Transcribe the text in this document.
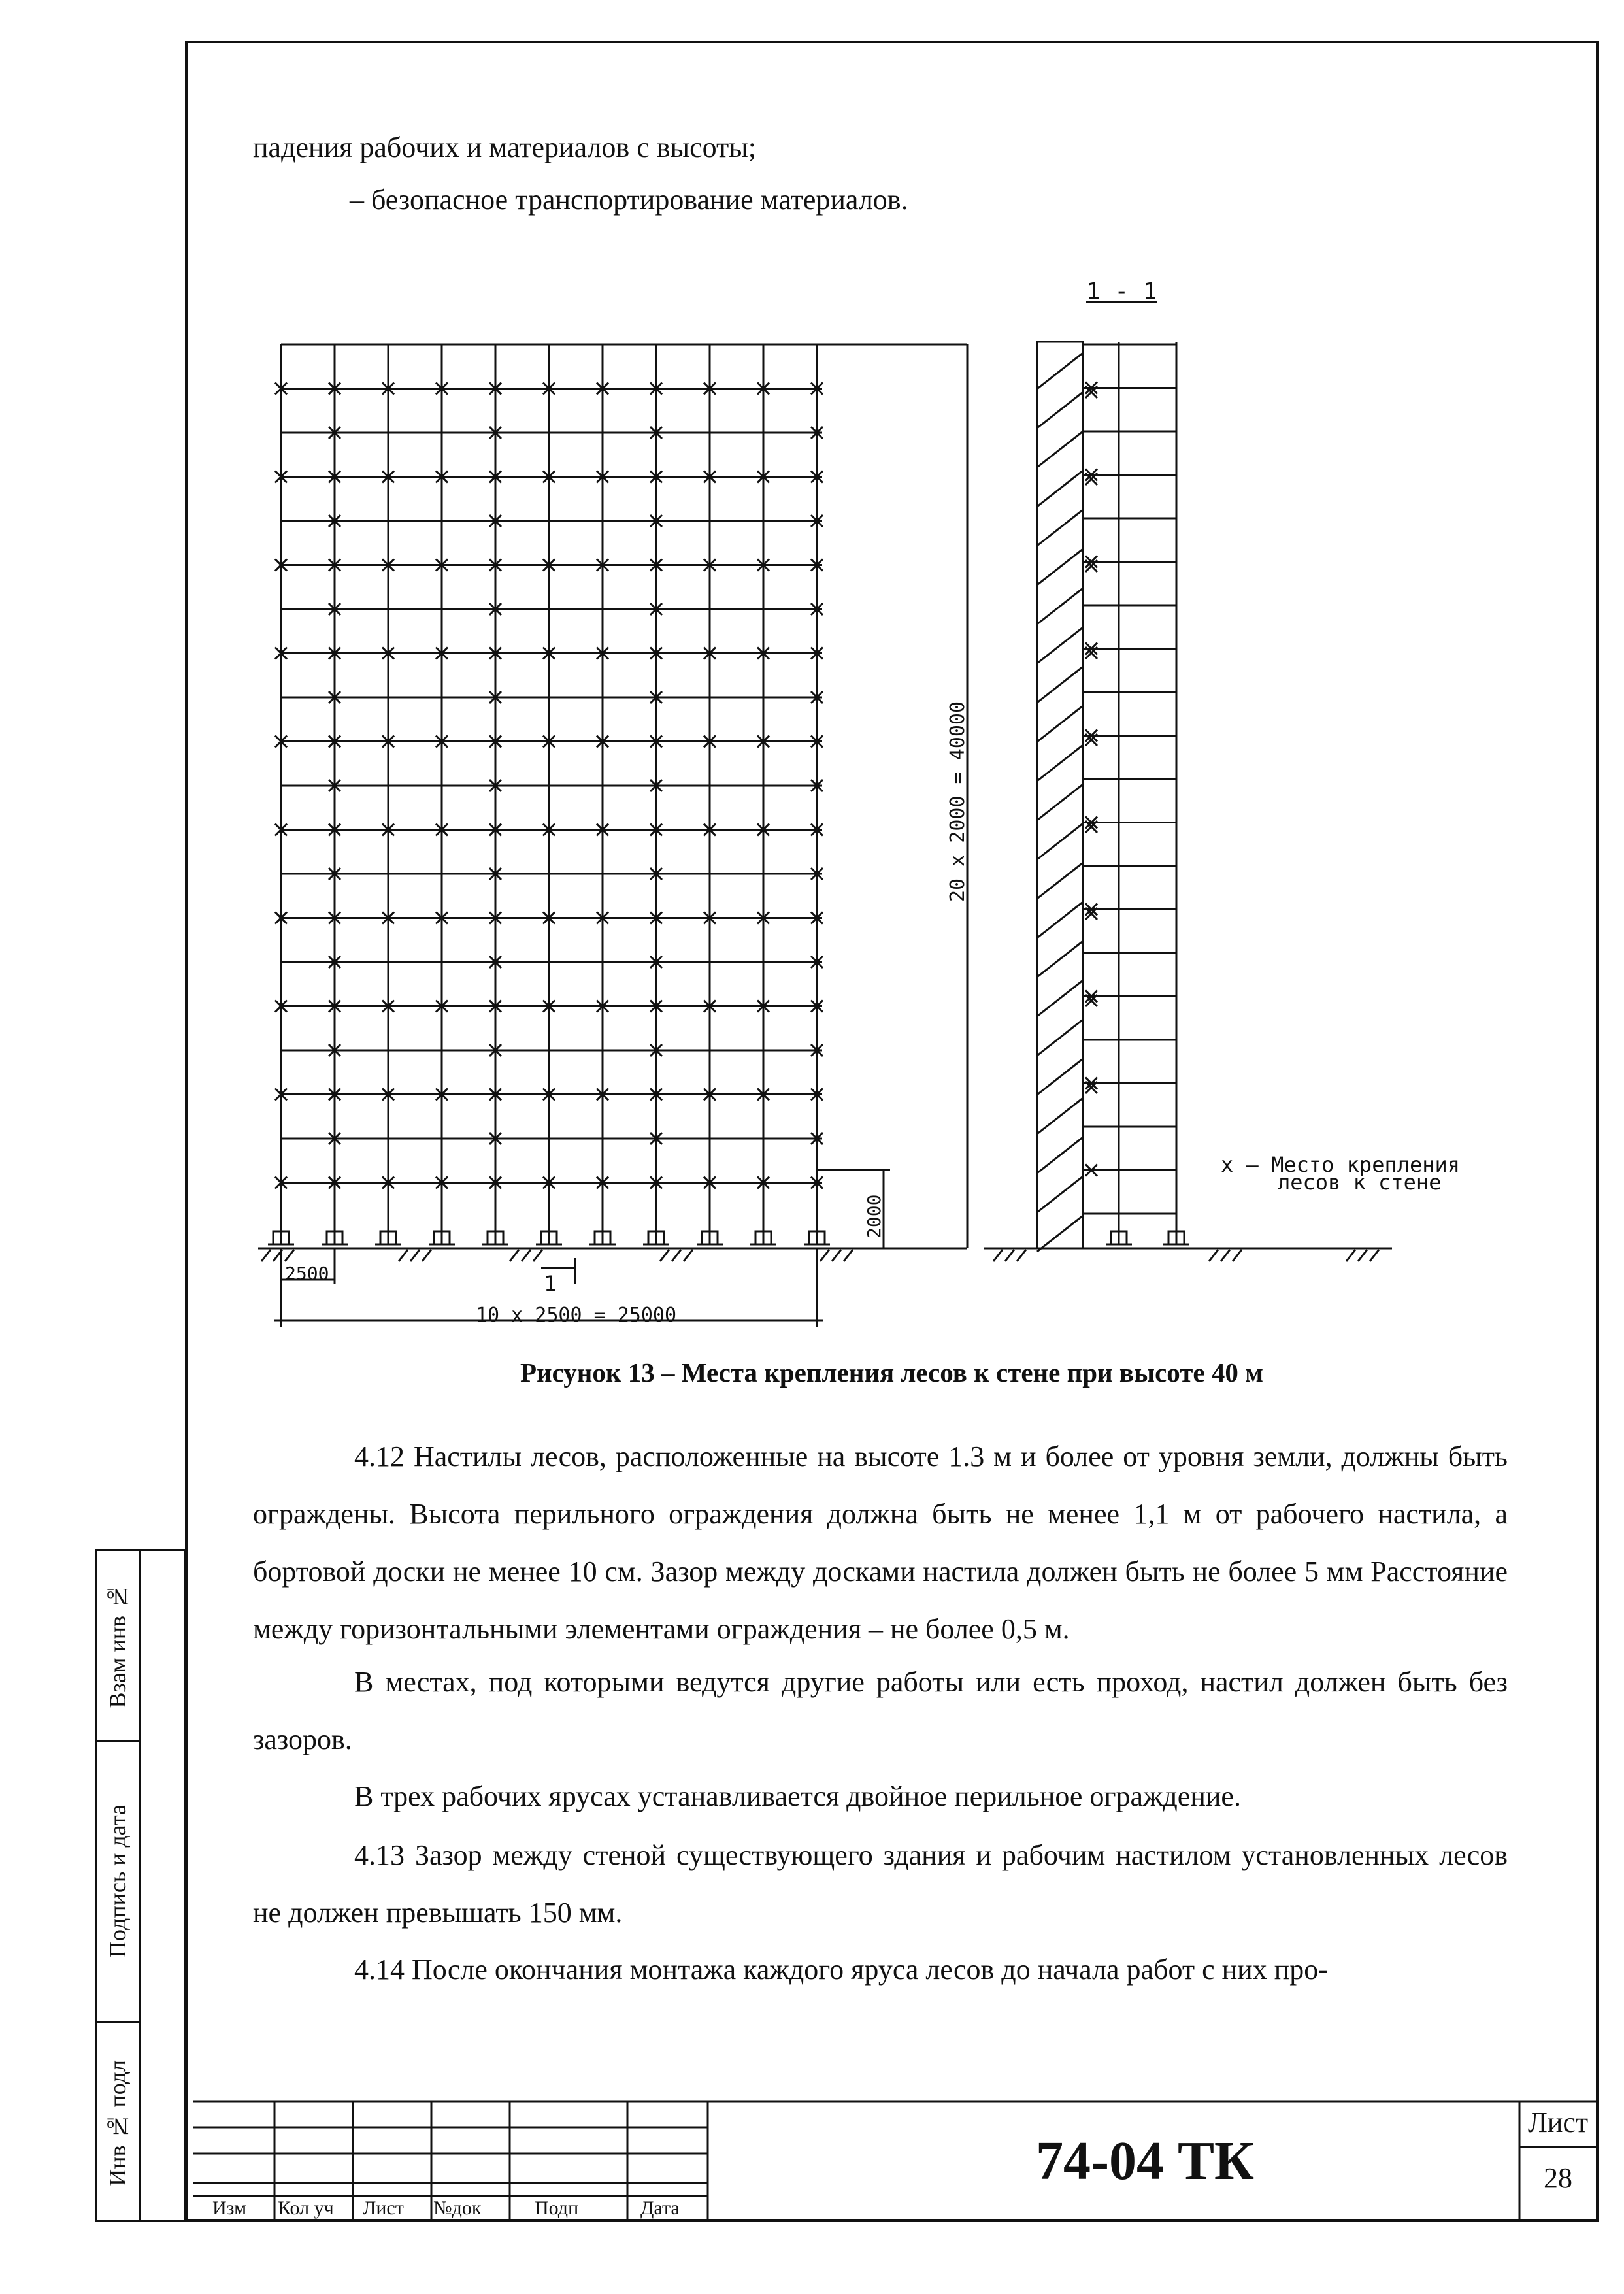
падения рабочих и материалов с высоты;
– безопасное транспортирование материалов.
1 - 1
20 x 2000 = 40000
2000
2500
10 x 2500 = 25000
1
x – Место крепления
лесов к стене
Рисунок 13 – Места крепления лесов к стене при высоте 40 м
4.12 Настилы лесов, расположенные на высоте 1.3 м и более от уровня земли, должны быть ограждены. Высота перильного ограждения должна быть не менее 1,1 м от рабочего настила, а бортовой доски не менее 10 см. Зазор между досками настила должен быть не более 5 мм Расстояние между горизонтальными элементами ограждения – не более 0,5 м.
В местах, под которыми ведутся другие работы или есть проход, настил должен быть без зазоров.
В трех рабочих ярусах устанавливается двойное перильное ограждение.
4.13 Зазор между стеной существующего здания и рабочим настилом установленных лесов не должен превышать 150 мм.
4.14 После окончания монтажа каждого яруса лесов до начала работ с них про-
Взам инв №
Подпись и дата
Инв № подл
Изм Кол уч Лист №док	Подп	Дата
74-04 ТК
Лист
28
